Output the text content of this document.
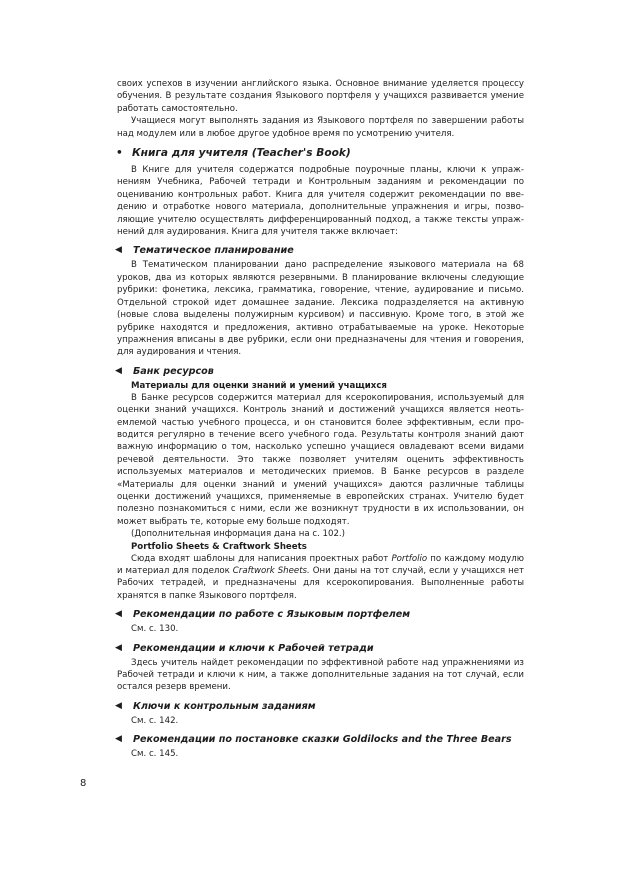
своих успехов в изучении английского языка. Основное внимание уделяется процессу обучения. В результате создания Языкового портфеля у учащихся развивается умение работать самостоятельно.

Учащиеся могут выполнять задания из Языкового портфеля по завершении работы над модулем или в любое другое удобное время по усмотрению учителя.

• Книга для учителя (Teacher's Book)

В Книге для учителя содержатся подробные поурочные планы, ключи к упражнениям Учебника, Рабочей тетради и Контрольным заданиям и рекомендации по оцениванию контрольных работ. Книга для учителя содержит рекомендации по введению и отработке нового материала, дополнительные упражнения и игры, позволяющие учителю осуществлять дифференцированный подход, а также тексты упражнений для аудирования. Книга для учителя также включает:

◀ Тематическое планирование

В Тематическом планировании дано распределение языкового материала на 68 уроков, два из которых являются резервными. В планирование включены следующие рубрики: фонетика, лексика, грамматика, говорение, чтение, аудирование и письмо. Отдельной строкой идет домашнее задание. Лексика подразделяется на активную (новые слова выделены полужирным курсивом) и пассивную. Кроме того, в этой же рубрике находятся и предложения, активно отрабатываемые на уроке. Некоторые упражнения вписаны в две рубрики, если они предназначены для чтения и говорения, для аудирования и чтения.

◀ Банк ресурсов

Материалы для оценки знаний и умений учащихся

В Банке ресурсов содержится материал для ксерокопирования, используемый для оценки знаний учащихся. Контроль знаний и достижений учащихся является неотьемлемой частью учебного процесса, и он становится более эффективным, если проводится регулярно в течение всего учебного года. Результаты контроля знаний дают важную информацию о том, насколько успешно учащиеся овладевают всеми видами речевой деятельности. Это также позволяет учителям оценить эффективность используемых материалов и методических приемов. В Банке ресурсов в разделе «Материалы для оценки знаний и умений учащихся» даются различные таблицы оценки достижений учащихся, применяемые в европейских странах. Учителю будет полезно познакомиться с ними, если же возникнут трудности в их использовании, он может выбрать те, которые ему больше подходят.

(Дополнительная информация дана на с. 102.)

Portfolio Sheets & Craftwork Sheets

Сюда входят шаблоны для написания проектных работ Portfolio по каждому модулю и материал для поделок Craftwork Sheets. Они даны на тот случай, если у учащихся нет Рабочих тетрадей, и предназначены для ксерокопирования. Выполненные работы хранятся в папке Языкового портфеля.

◀ Рекомендации по работе с Языковым портфелем

См. с. 130.

◀ Рекомендации и ключи к Рабочей тетради

Здесь учитель найдет рекомендации по эффективной работе над упражнениями из Рабочей тетради и ключи к ним, а также дополнительные задания на тот случай, если остался резерв времени.

◀ Ключи к контрольным заданиям

См. с. 142.

◀ Рекомендации по постановке сказки Goldilocks and the Three Bears

См. с. 145.

8
